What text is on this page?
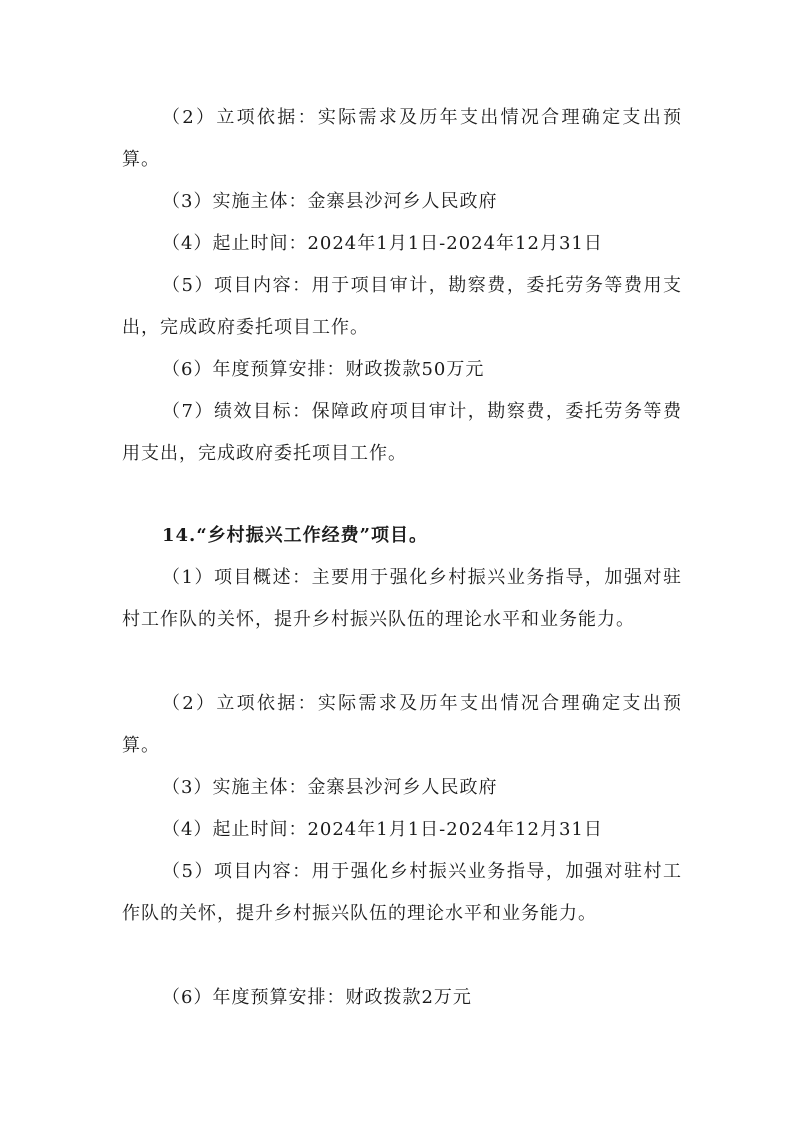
（2）立项依据：实际需求及历年支出情况合理确定支出预算。

（3）实施主体：金寨县沙河乡人民政府

（4）起止时间：2024年1月1日-2024年12月31日

（5）项目内容：用于项目审计，勘察费，委托劳务等费用支出，完成政府委托项目工作。

（6）年度预算安排：财政拨款50万元

（7）绩效目标：保障政府项目审计，勘察费，委托劳务等费用支出，完成政府委托项目工作。

14.“乡村振兴工作经费”项目。

（1）项目概述：主要用于强化乡村振兴业务指导，加强对驻村工作队的关怀，提升乡村振兴队伍的理论水平和业务能力。

（2）立项依据：实际需求及历年支出情况合理确定支出预算。

（3）实施主体：金寨县沙河乡人民政府

（4）起止时间：2024年1月1日-2024年12月31日

（5）项目内容：用于强化乡村振兴业务指导，加强对驻村工作队的关怀，提升乡村振兴队伍的理论水平和业务能力。

（6）年度预算安排：财政拨款2万元
